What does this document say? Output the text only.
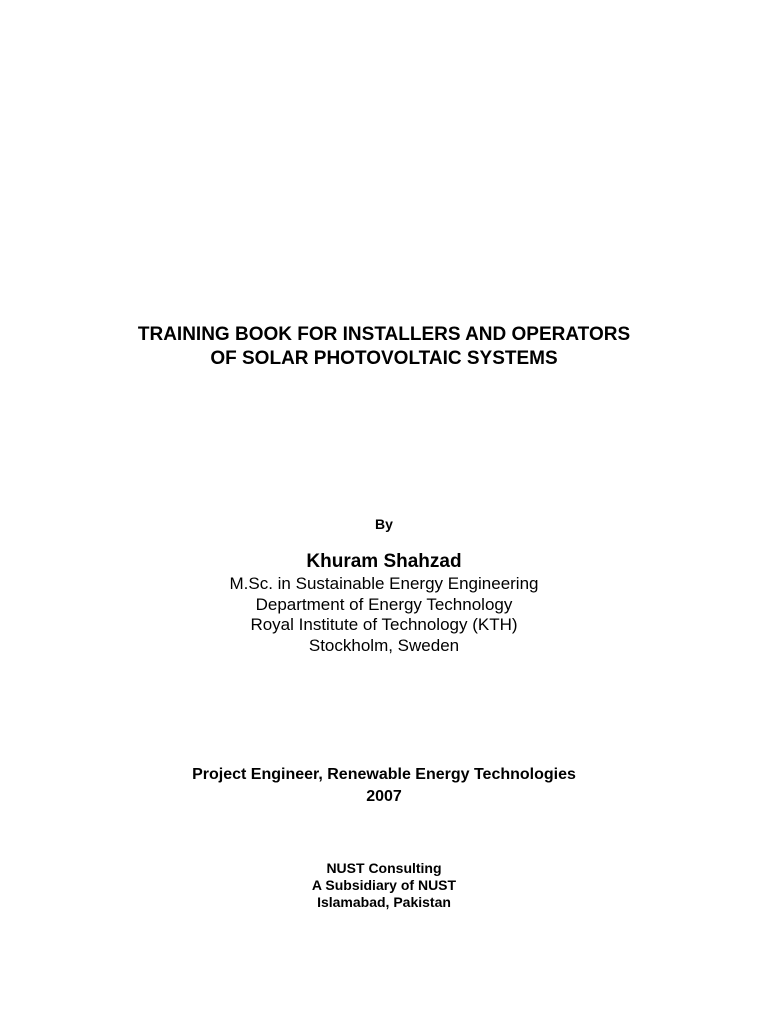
TRAINING BOOK FOR INSTALLERS AND OPERATORS
OF SOLAR PHOTOVOLTAIC SYSTEMS
By
Khuram Shahzad
M.Sc. in Sustainable Energy Engineering
Department of Energy Technology
Royal Institute of Technology (KTH)
Stockholm, Sweden
Project Engineer, Renewable Energy Technologies
2007
NUST Consulting
A Subsidiary of NUST
Islamabad, Pakistan
